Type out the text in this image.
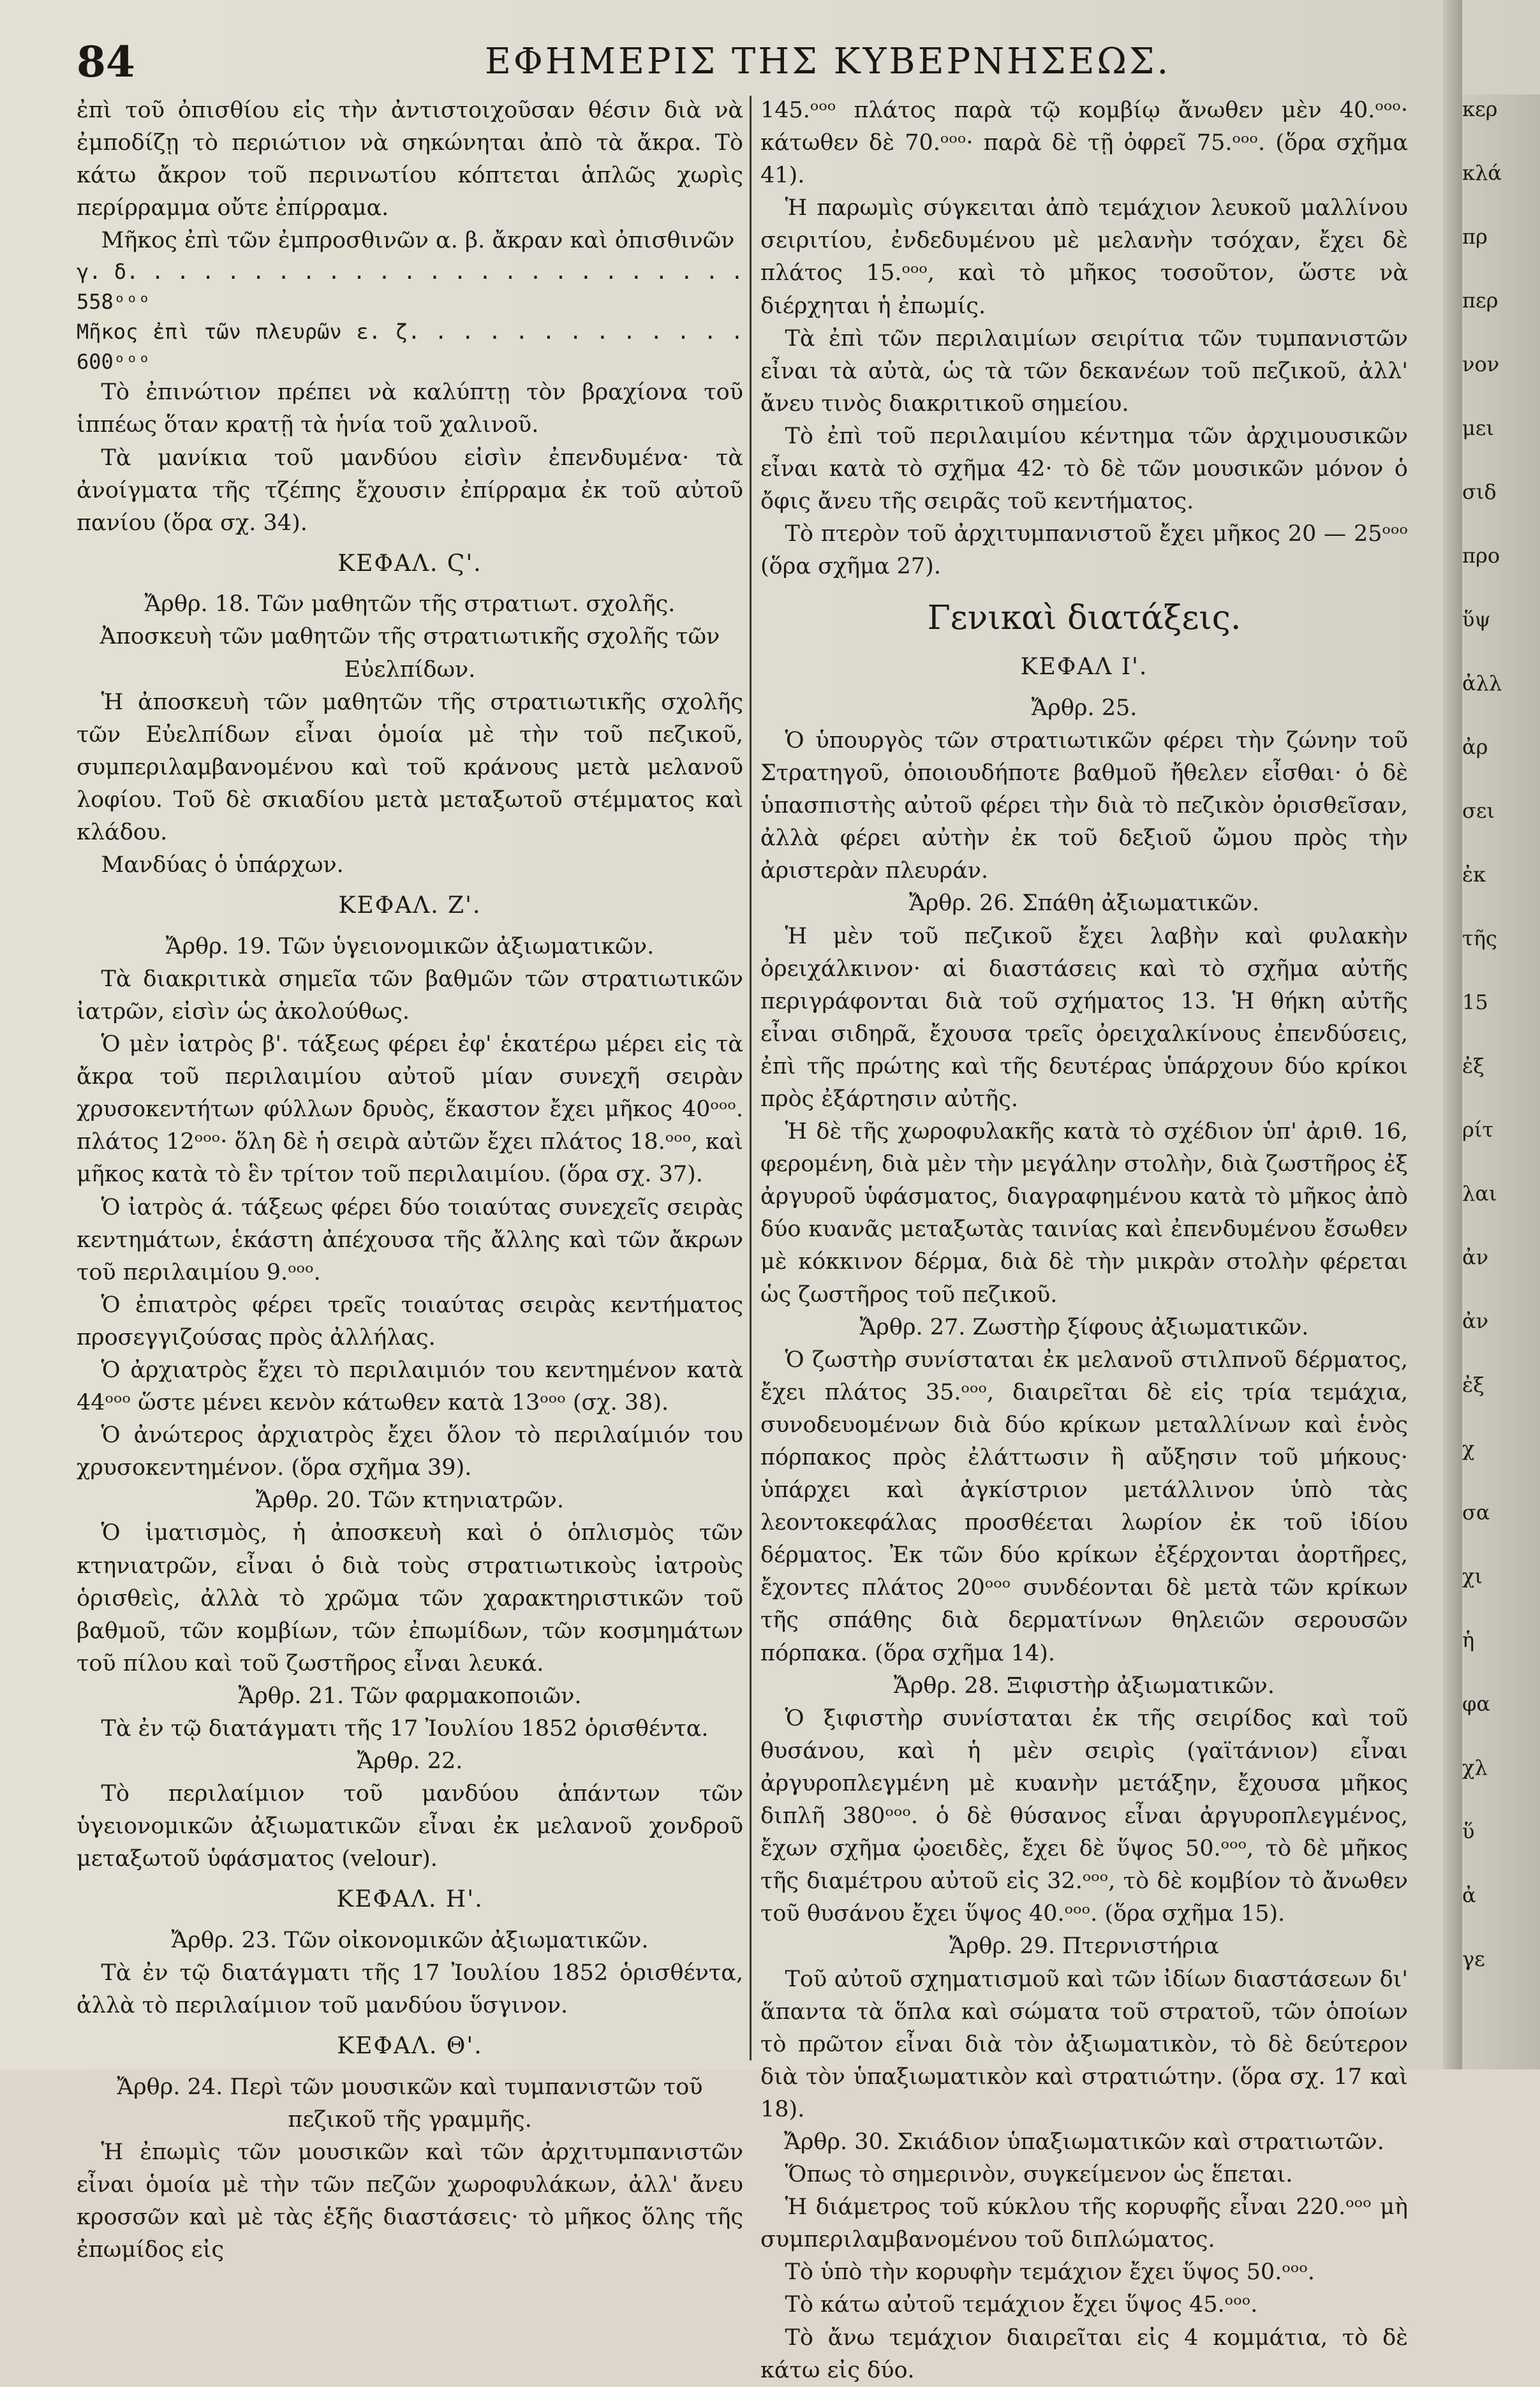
84	ΕΦΗΜΕΡΙΣ ΤΗΣ ΚΥΒΕΡΝΗΣΕΩΣ.

ἐπὶ τοῦ ὀπισθίου εἰς τὴν ἀντιστοιχοῦσαν θέσιν διὰ νὰ ἐμποδίζῃ τὸ περιώτιον νὰ σηκώνηται ἀπὸ τὰ ἄκρα. Τὸ κάτω ἄκρον τοῦ περινωτίου κόπτεται ἁπλῶς χωρὶς περίρραμμα οὔτε ἐπίρραμα.

Μῆκος ἐπὶ τῶν ἐμπροσθινῶν α. β. ἄκραν καὶ ὀπισθινῶν

γ. δ. . . . . . . . . . . . . . . . . . . . . . . . . 558ᵒᵒᵒ

Μῆκος ἐπὶ τῶν πλευρῶν ε. ζ. . . . . . . . . . . . . 600ᵒᵒᵒ

Τὸ ἐπινώτιον πρέπει νὰ καλύπτῃ τὸν βραχίονα τοῦ ἱππέως ὅταν κρατῇ τὰ ἡνία τοῦ χαλινοῦ.

Τὰ μανίκια τοῦ μανδύου εἰσὶν ἐπενδυμένα· τὰ ἀνοίγματα τῆς τζέπης ἔχουσιν ἐπίρραμα ἐκ τοῦ αὐτοῦ πανίου (ὅρα σχ. 34).

ΚΕΦΑΛ. Ϛ'.
Ἄρθρ. 18. Τῶν μαθητῶν τῆς στρατιωτ. σχολῆς.
Ἀποσκευὴ τῶν μαθητῶν τῆς στρατιωτικῆς σχολῆς τῶν Εὐελπίδων.

Ἡ ἀποσκευὴ τῶν μαθητῶν τῆς στρατιωτικῆς σχολῆς τῶν Εὐελπίδων εἶναι ὁμοία μὲ τὴν τοῦ πεζικοῦ, συμπεριλαμβανομένου καὶ τοῦ κράνους μετὰ μελανοῦ λοφίου. Τοῦ δὲ σκιαδίου μετὰ μεταξωτοῦ στέμματος καὶ κλάδου.

Μανδύας ὁ ὑπάρχων.

ΚΕΦΑΛ. Ζ'.
Ἄρθρ. 19. Τῶν ὑγειονομικῶν ἀξιωματικῶν.

Τὰ διακριτικὰ σημεῖα τῶν βαθμῶν τῶν στρατιωτικῶν ἰατρῶν, εἰσὶν ὡς ἀκολούθως.

Ὁ μὲν ἰατρὸς β'. τάξεως φέρει ἐφ' ἑκατέρω μέρει εἰς τὰ ἄκρα τοῦ περιλαιμίου αὐτοῦ μίαν συνεχῆ σειρὰν χρυσοκεντήτων φύλλων δρυὸς, ἕκαστον ἔχει μῆκος 40ᵒᵒᵒ. πλάτος 12ᵒᵒᵒ· ὅλη δὲ ἡ σειρὰ αὐτῶν ἔχει πλάτος 18.ᵒᵒᵒ, καὶ μῆκος κατὰ τὸ ἓν τρίτον τοῦ περιλαιμίου. (ὅρα σχ. 37).

Ὁ ἰατρὸς ά. τάξεως φέρει δύο τοιαύτας συνεχεῖς σειρὰς κεντημάτων, ἑκάστη ἀπέχουσα τῆς ἄλλης καὶ τῶν ἄκρων τοῦ περιλαιμίου 9.ᵒᵒᵒ.

Ὁ ἐπιατρὸς φέρει τρεῖς τοιαύτας σειρὰς κεντήματος προσεγγιζούσας πρὸς ἀλλήλας.

Ὁ ἀρχιατρὸς ἔχει τὸ περιλαιμιόν του κεντημένον κατὰ 44ᵒᵒᵒ ὥστε μένει κενὸν κάτωθεν κατὰ 13ᵒᵒᵒ (σχ. 38).

Ὁ ἀνώτερος ἀρχιατρὸς ἔχει ὅλον τὸ περιλαίμιόν του χρυσοκεντημένον. (ὅρα σχῆμα 39).

Ἄρθρ. 20. Τῶν κτηνιατρῶν.

Ὁ ἱματισμὸς, ἡ ἀποσκευὴ καὶ ὁ ὁπλισμὸς τῶν κτηνιατρῶν, εἶναι ὁ διὰ τοὺς στρατιωτικοὺς ἰατροὺς ὁρισθεὶς, ἀλλὰ τὸ χρῶμα τῶν χαρακτηριστικῶν τοῦ βαθμοῦ, τῶν κομβίων, τῶν ἐπωμίδων, τῶν κοσμημάτων τοῦ πίλου καὶ τοῦ ζωστῆρος εἶναι λευκά.

Ἄρθρ. 21. Τῶν φαρμακοποιῶν.

Τὰ ἐν τῷ διατάγματι τῆς 17 Ἰουλίου 1852 ὁρισθέντα.

Ἄρθρ. 22.

Τὸ περιλαίμιον τοῦ μανδύου ἁπάντων τῶν ὑγειονομικῶν ἀξιωματικῶν εἶναι ἐκ μελανοῦ χονδροῦ μεταξωτοῦ ὑφάσματος (velour).

ΚΕΦΑΛ. Η'.
Ἄρθρ. 23. Τῶν οἰκονομικῶν ἀξιωματικῶν.

Τὰ ἐν τῷ διατάγματι τῆς 17 Ἰουλίου 1852 ὁρισθέντα, ἀλλὰ τὸ περιλαίμιον τοῦ μανδύου ὕσγινον.

ΚΕΦΑΛ. Θ'.
Ἄρθρ. 24. Περὶ τῶν μουσικῶν καὶ τυμπανιστῶν τοῦ πεζικοῦ τῆς γραμμῆς.

Ἡ ἐπωμὶς τῶν μουσικῶν καὶ τῶν ἀρχιτυμπανιστῶν εἶναι ὁμοία μὲ τὴν τῶν πεζῶν χωροφυλάκων, ἀλλ' ἄνευ κροσσῶν καὶ μὲ τὰς ἑξῆς διαστάσεις· τὸ μῆκος ὅλης τῆς ἐπωμίδος εἰς

145.ᵒᵒᵒ πλάτος παρὰ τῷ κομβίῳ ἄνωθεν μὲν 40.ᵒᵒᵒ· κάτωθεν δὲ 70.ᵒᵒᵒ· παρὰ δὲ τῇ ὀφρεῖ 75.ᵒᵒᵒ. (ὅρα σχῆμα 41).

Ἡ παρωμὶς σύγκειται ἀπὸ τεμάχιον λευκοῦ μαλλίνου σειριτίου, ἐνδεδυμένου μὲ μελανὴν τσόχαν, ἔχει δὲ πλάτος 15.ᵒᵒᵒ, καὶ τὸ μῆκος τοσοῦτον, ὥστε νὰ διέρχηται ἡ ἐπωμίς.

Τὰ ἐπὶ τῶν περιλαιμίων σειρίτια τῶν τυμπανιστῶν εἶναι τὰ αὐτὰ, ὡς τὰ τῶν δεκανέων τοῦ πεζικοῦ, ἀλλ' ἄνευ τινὸς διακριτικοῦ σημείου.

Τὸ ἐπὶ τοῦ περιλαιμίου κέντημα τῶν ἀρχιμουσικῶν εἶναι κατὰ τὸ σχῆμα 42· τὸ δὲ τῶν μουσικῶν μόνον ὁ ὄφις ἄνευ τῆς σειρᾶς τοῦ κεντήματος.

Τὸ πτερὸν τοῦ ἀρχιτυμπανιστοῦ ἔχει μῆκος 20 — 25ᵒᵒᵒ (ὅρα σχῆμα 27).

Γενικαὶ διατάξεις.
ΚΕΦΑΛ Ι'.
Ἄρθρ. 25.

Ὁ ὑπουργὸς τῶν στρατιωτικῶν φέρει τὴν ζώνην τοῦ Στρατηγοῦ, ὁποιουδήποτε βαθμοῦ ἤθελεν εἶσθαι· ὁ δὲ ὑπασπιστὴς αὐτοῦ φέρει τὴν διὰ τὸ πεζικὸν ὁρισθεῖσαν, ἀλλὰ φέρει αὐτὴν ἐκ τοῦ δεξιοῦ ὤμου πρὸς τὴν ἀριστερὰν πλευράν.

Ἄρθρ. 26. Σπάθη ἀξιωματικῶν.

Ἡ μὲν τοῦ πεζικοῦ ἔχει λαβὴν καὶ φυλακὴν ὀρειχάλκινον· αἱ διαστάσεις καὶ τὸ σχῆμα αὐτῆς περιγράφονται διὰ τοῦ σχήματος 13. Ἡ θήκη αὐτῆς εἶναι σιδηρᾶ, ἔχουσα τρεῖς ὀρειχαλκίνους ἐπενδύσεις, ἐπὶ τῆς πρώτης καὶ τῆς δευτέρας ὑπάρχουν δύο κρίκοι πρὸς ἐξάρτησιν αὐτῆς.

Ἡ δὲ τῆς χωροφυλακῆς κατὰ τὸ σχέδιον ὑπ' ἀριθ. 16, φερομένη, διὰ μὲν τὴν μεγάλην στολὴν, διὰ ζωστῆρος ἐξ ἀργυροῦ ὑφάσματος, διαγραφημένου κατὰ τὸ μῆκος ἀπὸ δύο κυανᾶς μεταξωτὰς ταινίας καὶ ἐπενδυμένου ἔσωθεν μὲ κόκκινον δέρμα, διὰ δὲ τὴν μικρὰν στολὴν φέρεται ὡς ζωστῆρος τοῦ πεζικοῦ.

Ἄρθρ. 27. Ζωστὴρ ξίφους ἀξιωματικῶν.

Ὁ ζωστὴρ συνίσταται ἐκ μελανοῦ στιλπνοῦ δέρματος, ἔχει πλάτος 35.ᵒᵒᵒ, διαιρεῖται δὲ εἰς τρία τεμάχια, συνοδευομένων διὰ δύο κρίκων μεταλλίνων καὶ ἑνὸς πόρπακος πρὸς ἐλάττωσιν ἢ αὔξησιν τοῦ μήκους· ὑπάρχει καὶ ἀγκίστριον μετάλλινον ὑπὸ τὰς λεοντοκεφάλας προσθέεται λωρίον ἐκ τοῦ ἰδίου δέρματος. Ἐκ τῶν δύο κρίκων ἐξέρχονται ἀορτῆρες, ἔχοντες πλάτος 20ᵒᵒᵒ συνδέονται δὲ μετὰ τῶν κρίκων τῆς σπάθης διὰ δερματίνων θηλειῶν σερουσῶν πόρπακα. (ὅρα σχῆμα 14).

Ἄρθρ. 28. Ξιφιστὴρ ἀξιωματικῶν.

Ὁ ξιφιστὴρ συνίσταται ἐκ τῆς σειρίδος καὶ τοῦ θυσάνου, καὶ ἡ μὲν σειρὶς (γαϊτάνιον) εἶναι ἀργυροπλεγμένη μὲ κυανὴν μετάξην, ἔχουσα μῆκος διπλῆ 380ᵒᵒᵒ. ὁ δὲ θύσανος εἶναι ἀργυροπλεγμένος, ἔχων σχῆμα ᾠοειδὲς, ἔχει δὲ ὕψος 50.ᵒᵒᵒ, τὸ δὲ μῆκος τῆς διαμέτρου αὐτοῦ εἰς 32.ᵒᵒᵒ, τὸ δὲ κομβίον τὸ ἄνωθεν τοῦ θυσάνου ἔχει ὕψος 40.ᵒᵒᵒ. (ὅρα σχῆμα 15).

Ἄρθρ. 29. Πτερνιστήρια

Τοῦ αὐτοῦ σχηματισμοῦ καὶ τῶν ἰδίων διαστάσεων δι' ἅπαντα τὰ ὅπλα καὶ σώματα τοῦ στρατοῦ, τῶν ὁποίων τὸ πρῶτον εἶναι διὰ τὸν ἀξιωματικὸν, τὸ δὲ δεύτερον διὰ τὸν ὑπαξιωματικὸν καὶ στρατιώτην. (ὅρα σχ. 17 καὶ 18).

Ἄρθρ. 30. Σκιάδιον ὑπαξιωματικῶν καὶ στρατιωτῶν.

Ὅπως τὸ σημερινὸν, συγκείμενον ὡς ἕπεται.

Ἡ διάμετρος τοῦ κύκλου τῆς κορυφῆς εἶναι 220.ᵒᵒᵒ μὴ συμπεριλαμβανομένου τοῦ διπλώματος.

Τὸ ὑπὸ τὴν κορυφὴν τεμάχιον ἔχει ὕψος 50.ᵒᵒᵒ.

Τὸ κάτω αὐτοῦ τεμάχιον ἔχει ὕψος 45.ᵒᵒᵒ.

Τὸ ἄνω τεμάχιον διαιρεῖται εἰς 4 κομμάτια, τὸ δὲ κάτω εἰς δύο.

κερ
κλά
πρ
περ
νον
μει
σιδ
προ
ὕψ
ἀλλ
ἀρ
σει
ἐκ
τῆς
15
ἐξ
ρίτ
λαι
ἀν
ἀν
ἐξ
χ
σα
χι
ἡ
φα
χλ
ὕ
ἀ
γε
